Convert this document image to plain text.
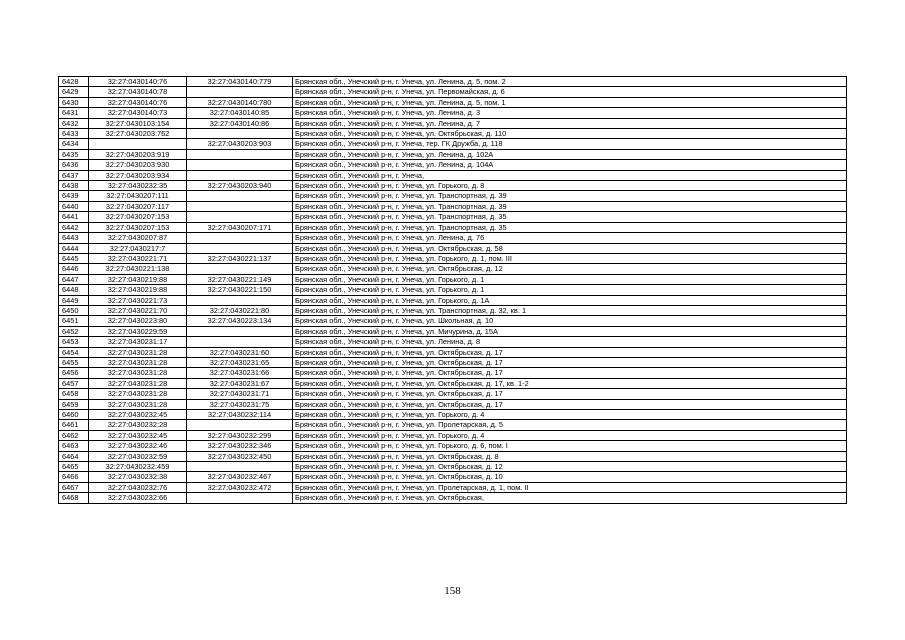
6428	32:27:0430140:76	32:27:0430140:779	Брянская обл., Унечский р-н, г. Унеча, ул. Ленина, д. 5, пом. 2
6429	32:27:0430140:78		Брянская обл., Унечский р-н, г. Унеча, ул. Первомайская, д. 6
6430	32:27:0430140:76	32:27:0430140:780	Брянская обл., Унечский р-н, г. Унеча, ул. Ленина, д. 5, пом. 1
6431	32:27:0430140:73	32:27:0430140:85	Брянская обл., Унечский р-н, г. Унеча, ул. Ленина, д. 3
6432	32:27:0430103:154	32:27:0430140:86	Брянская обл., Унечский р-н, г. Унеча, ул. Ленина, д. 7
6433	32:27:0430203:762		Брянская обл., Унечский р-н, г. Унеча, ул. Октябрьская, д. 110
6434		32:27:0430203:903	Брянская обл., Унечский р-н, г. Унеча, тер. ГК Дружба, д. 118
6435	32:27:0430203:919		Брянская обл., Унечский р-н, г. Унеча, ул. Ленина, д. 102А
6436	32:27:0430203:930		Брянская обл., Унечский р-н, г. Унеча, ул. Ленина, д. 104А
6437	32:27:0430203:934		Брянская обл., Унечский р-н, г. Унеча,
6438	32:27:0430232:35	32:27:0430203:940	Брянская обл., Унечский р-н, г. Унеча, ул. Горького, д. 8
6439	32:27:0430207:111		Брянская обл., Унечский р-н, г. Унеча, ул. Транспортная, д. 39
6440	32:27:0430207:117		Брянская обл., Унечский р-н, г. Унеча, ул. Транспортная, д. 39
6441	32:27:0430207:153		Брянская обл., Унечский р-н, г. Унеча, ул. Транспортная, д. 35
6442	32:27:0430207:153	32:27:0430207:171	Брянская обл., Унечский р-н, г. Унеча, ул. Транспортная, д. 35
6443	32:27:0430207:87		Брянская обл., Унечский р-н, г. Унеча, ул. Ленина, д. 76
6444	32:27:0430217:7		Брянская обл., Унечский р-н, г. Унеча, ул. Октябрьская, д. 58
6445	32:27:0430221:71	32:27:0430221:137	Брянская обл., Унечский р-н, г. Унеча, ул. Горького, д. 1, пом. III
6446	32:27:0430221:138		Брянская обл., Унечский р-н, г. Унеча, ул. Октябрьская, д. 12
6447	32:27:0430219:88	32:27:0430221:149	Брянская обл., Унечский р-н, г. Унеча, ул. Горького, д. 1
6448	32:27:0430219:88	32:27:0430221:150	Брянская обл., Унечский р-н, г. Унеча, ул. Горького, д. 1
6449	32:27:0430221:73		Брянская обл., Унечский р-н, г. Унеча, ул. Горького, д. 1А
6450	32:27:0430221:70	32:27:0430221:80	Брянская обл., Унечский р-н, г. Унеча, ул. Транспортная, д. 32, кв. 1
6451	32:27:0430223:80	32:27:0430223:134	Брянская обл., Унечский р-н, г. Унеча, ул. Школьная, д. 10
6452	32:27:0430229:59		Брянская обл., Унечский р-н, г. Унеча, ул. Мичурина, д. 15А
6453	32:27:0430231:17		Брянская обл., Унечский р-н, г. Унеча, ул. Ленина, д. 8
6454	32:27:0430231:28	32:27:0430231:60	Брянская обл., Унечский р-н, г. Унеча, ул. Октябрьская, д. 17
6455	32:27:0430231:28	32:27:0430231:65	Брянская обл., Унечский р-н, г. Унеча, ул. Октябрьская, д. 17
6456	32:27:0430231:28	32:27:0430231:66	Брянская обл., Унечский р-н, г. Унеча, ул. Октябрьская, д. 17
6457	32:27:0430231:28	32:27:0430231:67	Брянская обл., Унечский р-н, г. Унеча, ул. Октябрьская, д. 17, кв. 1-2
6458	32:27:0430231:28	32:27:0430231:71	Брянская обл., Унечский р-н, г. Унеча, ул. Октябрьская, д. 17
6459	32:27:0430231:28	32:27:0430231:75	Брянская обл., Унечский р-н, г. Унеча, ул. Октябрьская, д. 17
6460	32:27:0430232:45	32:27:0430232:114	Брянская обл., Унечский р-н, г. Унеча, ул. Горького, д. 4
6461	32:27:0430232:28		Брянская обл., Унечский р-н, г. Унеча, ул. Пролетарская, д. 5
6462	32:27:0430232:45	32:27:0430232:299	Брянская обл., Унечский р-н, г. Унеча, ул. Горького, д. 4
6463	32:27:0430232:46	32:27:0430232:346	Брянская обл., Унечский р-н, г. Унеча, ул. Горького, д. 6, пом. I
6464	32:27:0430232:59	32:27:0430232:450	Брянская обл., Унечский р-н, г. Унеча, ул. Октябрьская, д. 8
6465	32:27:0430232:459		Брянская обл., Унечский р-н, г. Унеча, ул. Октябрьская, д. 12
6466	32:27:0430232:38	32:27:0430232:467	Брянская обл., Унечский р-н, г. Унеча, ул. Октябрьская, д. 10
6467	32:27:0430232:76	32:27:0430232:472	Брянская обл., Унечский р-н, г. Унеча, ул. Пролетарская, д. 1, пом. II
6468	32:27:0430232:66		Брянская обл., Унечский р-н, г. Унеча, ул. Октябрьская,
158
